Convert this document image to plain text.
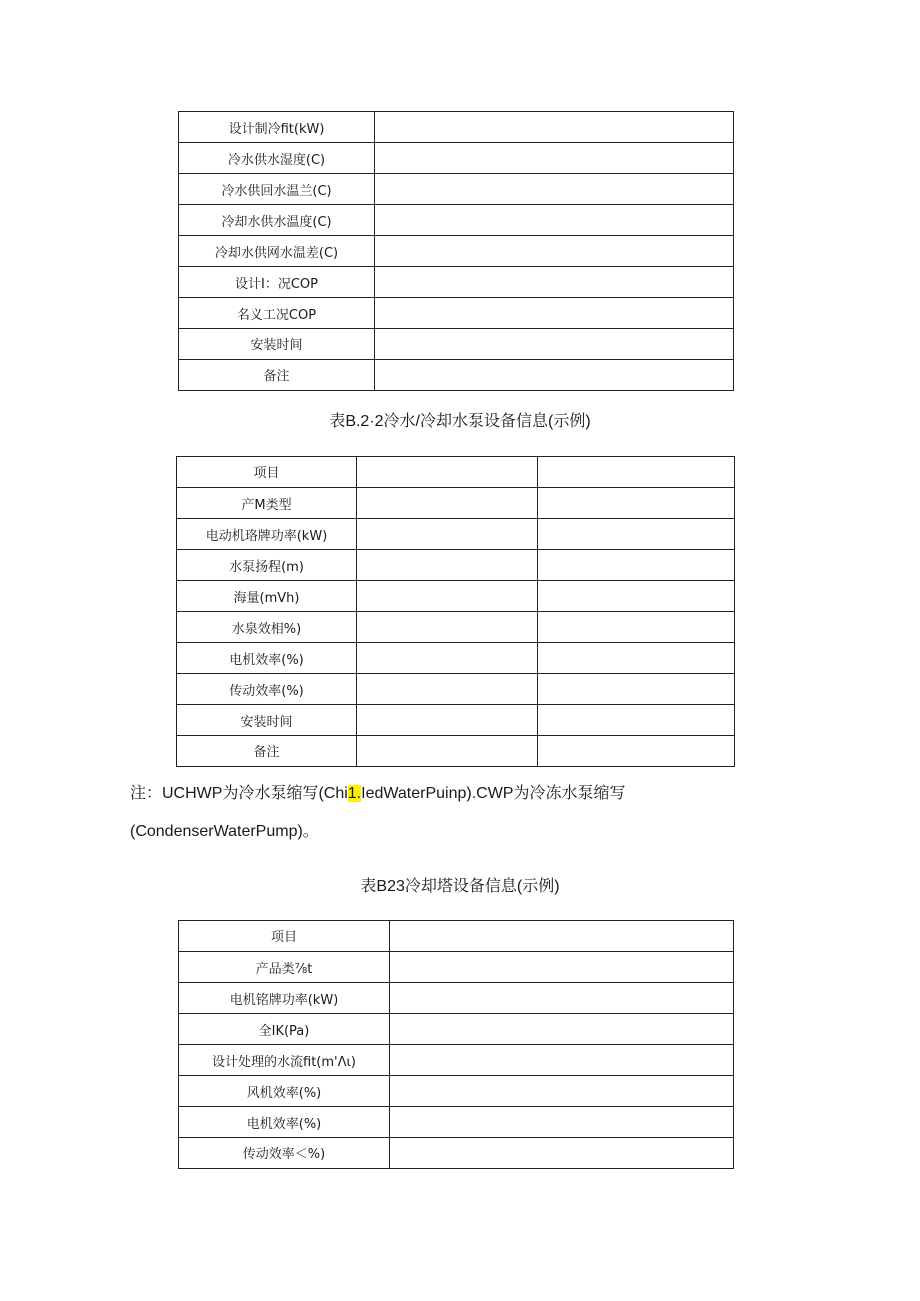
设计制冷fit(kW)	
冷水供水湿度(C)	
冷水供回水温兰(C)	
冷却水供水温度(C)	
冷却水供网水温差(C)	
设计I：况COP	
名义工况COP	
安装时间	
备注	
表B.2·2冷水/冷却水泵设备信息(示例)
项目		
产M类型		
电动机珞牌功率(kW)		
水泵扬程(m)		
海量(mVh)		
水泉效相%)		
电机效率(%)		
传动效率(%)		
安装时间		
备注		
注：UCHWP为冷水泵缩写(Chi1.IedWaterPuinp).CWP为冷冻水泵缩写
(CondenserWaterPump)。
表B23冷却塔设备信息(示例)
项目	
产品类⅞t	
电机铭牌功率(kW)	
全IK(Pa)	
设计处理的水流fit(m'Λι)	
风机效率(%)	
电机效率(%)	
传动效率＜%)	
